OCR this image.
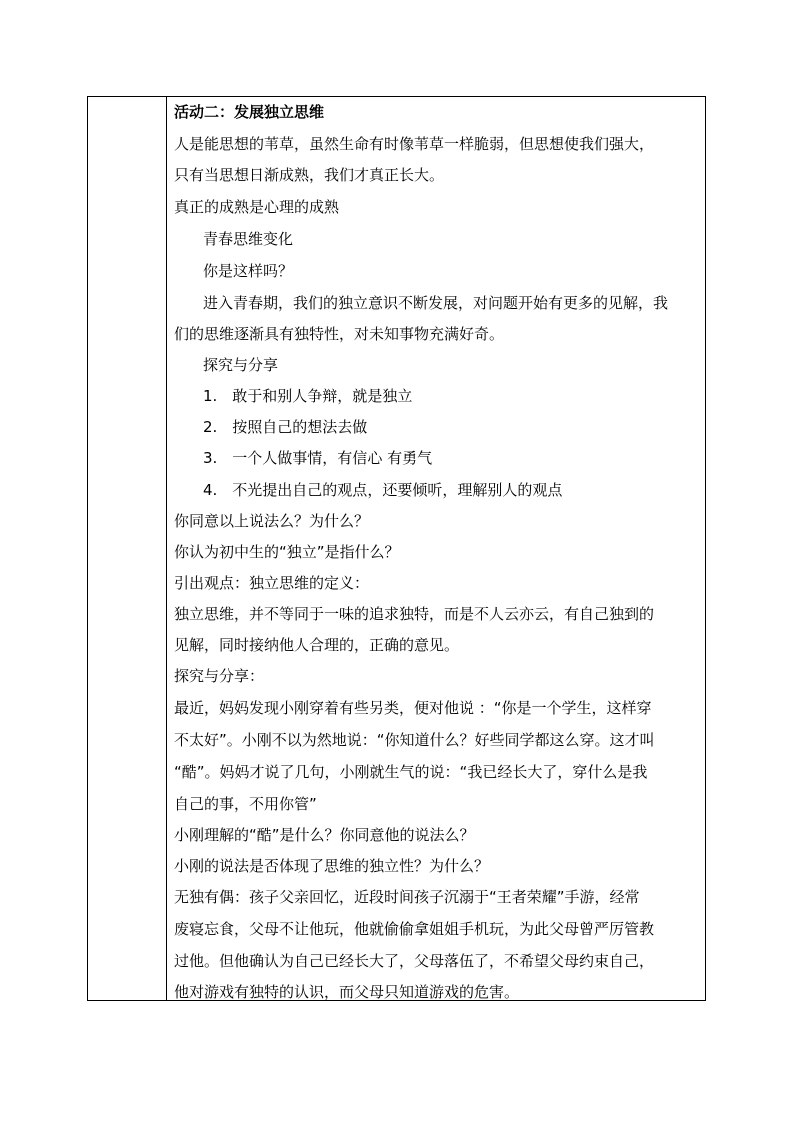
活动二：发展独立思维
人是能思想的苇草，虽然生命有时像苇草一样脆弱，但思想使我们强大，
只有当思想日渐成熟，我们才真正长大。
真正的成熟是心理的成熟
青春思维变化
你是这样吗？
进入青春期，我们的独立意识不断发展，对问题开始有更多的见解，我
们的思维逐渐具有独特性，对未知事物充满好奇。
探究与分享
1.　敢于和别人争辩，就是独立
2.　按照自己的想法去做
3.　一个人做事情，有信心 有勇气
4.　不光提出自己的观点，还要倾听，理解别人的观点
你同意以上说法么？为什么？
你认为初中生的“独立”是指什么？
引出观点：独立思维的定义：
独立思维，并不等同于一味的追求独特，而是不人云亦云，有自己独到的
见解，同时接纳他人合理的，正确的意见。
探究与分享：
最近，妈妈发现小刚穿着有些另类，便对他说 ：“你是一个学生，这样穿
不太好”。小刚不以为然地说：“你知道什么？好些同学都这么穿。这才叫
“酷”。妈妈才说了几句，小刚就生气的说：“我已经长大了，穿什么是我
自己的事，不用你管”
小刚理解的“酷”是什么？你同意他的说法么？
小刚的说法是否体现了思维的独立性？为什么？
无独有偶：孩子父亲回忆，近段时间孩子沉溺于“王者荣耀”手游，经常
废寝忘食，父母不让他玩，他就偷偷拿姐姐手机玩，为此父母曾严厉管教
过他。但他确认为自己已经长大了，父母落伍了，不希望父母约束自己，
他对游戏有独特的认识，而父母只知道游戏的危害。
